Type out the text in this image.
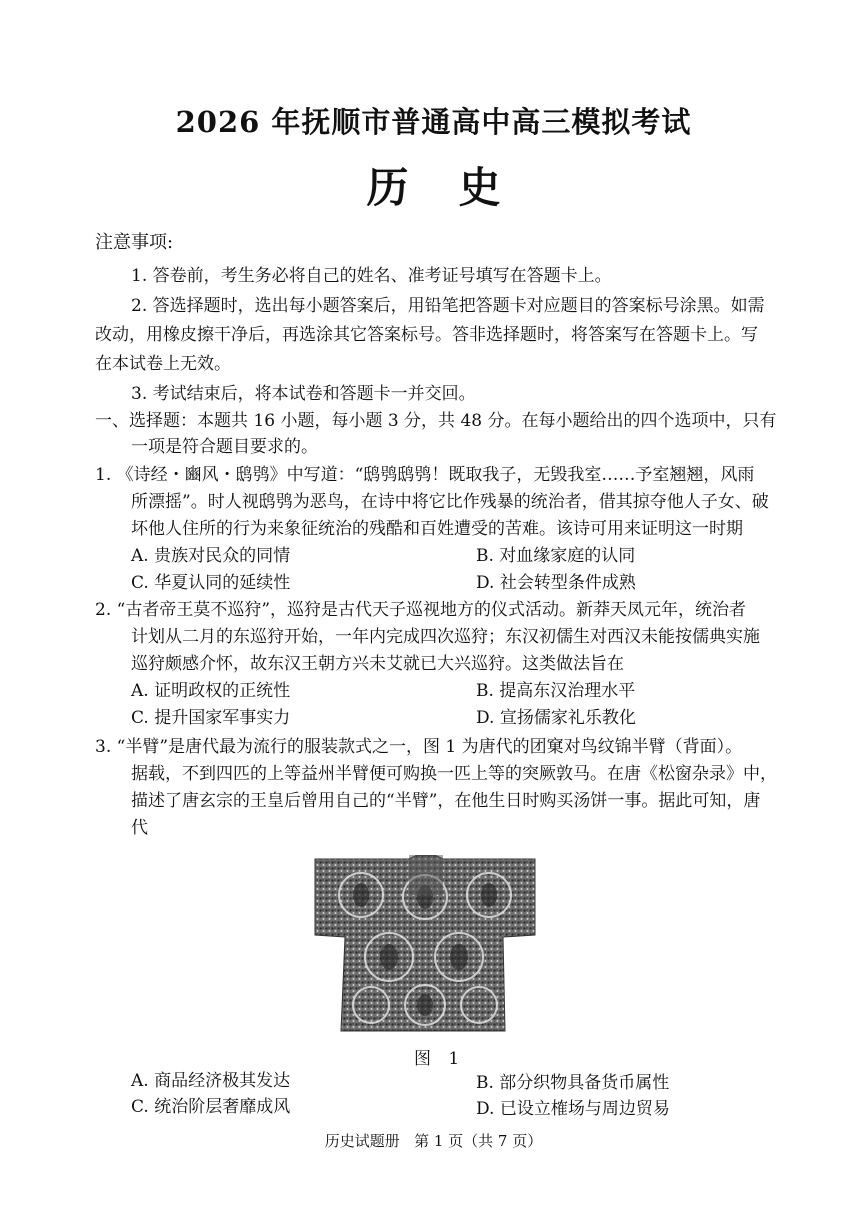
2026 年抚顺市普通高中高三模拟考试
历史
注意事项:
1. 答卷前，考生务必将自己的姓名、准考证号填写在答题卡上。
2. 答选择题时，选出每小题答案后，用铅笔把答题卡对应题目的答案标号涂黑。如需
改动，用橡皮擦干净后，再选涂其它答案标号。答非选择题时，将答案写在答题卡上。写
在本试卷上无效。
3. 考试结束后，将本试卷和答题卡一并交回。
一、选择题：本题共 16 小题，每小题 3 分，共 48 分。在每小题给出的四个选项中，只有
一项是符合题目要求的。
1. 《诗经・豳风・鸱鸮》中写道：“鸱鸮鸱鸮！既取我子，无毁我室……予室翘翘，风雨
所漂摇”。时人视鸱鸮为恶鸟，在诗中将它比作残暴的统治者，借其掠夺他人子女、破
坏他人住所的行为来象征统治的残酷和百姓遭受的苦难。该诗可用来证明这一时期
A. 贵族对民众的同情	B. 对血缘家庭的认同
C. 华夏认同的延续性	D. 社会转型条件成熟
2. “古者帝王莫不巡狩”，巡狩是古代天子巡视地方的仪式活动。新莽天凤元年，统治者
计划从二月的东巡狩开始，一年内完成四次巡狩；东汉初儒生对西汉未能按儒典实施
巡狩颇感介怀，故东汉王朝方兴未艾就已大兴巡狩。这类做法旨在
A. 证明政权的正统性	B. 提高东汉治理水平
C. 提升国家军事实力	D. 宣扬儒家礼乐教化
3. “半臂”是唐代最为流行的服装款式之一，图 1 为唐代的团窠对鸟纹锦半臂（背面）。
据载，不到四匹的上等益州半臂便可购换一匹上等的突厥敦马。在唐《松窗杂录》中，
描述了唐玄宗的王皇后曾用自己的“半臂”，在他生日时购买汤饼一事。据此可知，唐
代
图 1
A. 商品经济极其发达	B. 部分织物具备货币属性
C. 统治阶层奢靡成风	D. 已设立榷场与周边贸易
历史试题册   第 1 页（共 7 页）
